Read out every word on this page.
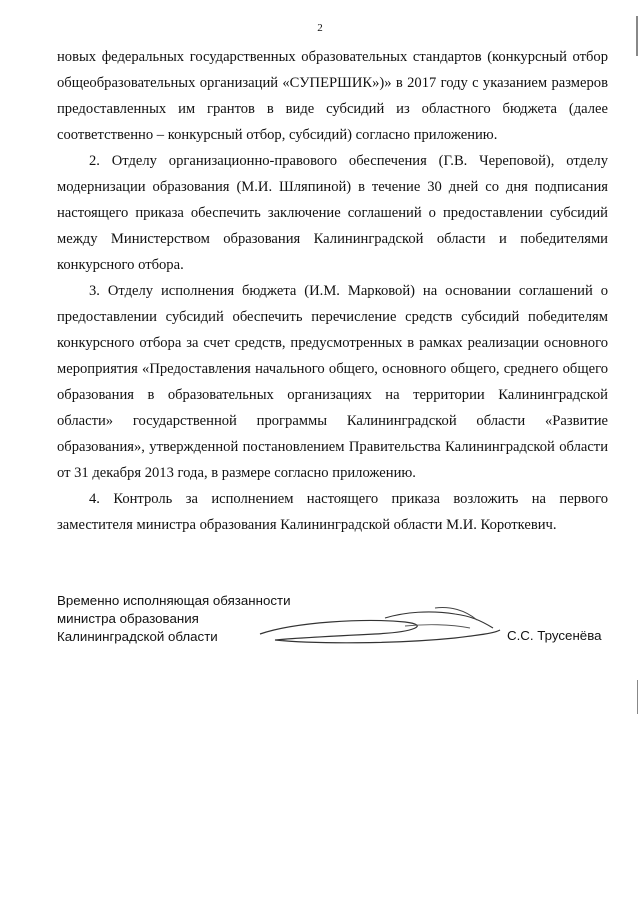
2

новых федеральных государственных образовательных стандартов (конкурсный отбор общеобразовательных организаций «СУПЕРШИК»)» в 2017 году с указанием размеров предоставленных им грантов в виде субсидий из областного бюджета (далее соответственно – конкурсный отбор, субсидий) согласно приложению.

2. Отделу организационно-правового обеспечения (Г.В. Череповой), отделу модернизации образования (М.И. Шляпиной) в течение 30 дней со дня подписания настоящего приказа обеспечить заключение соглашений о предоставлении субсидий между Министерством образования Калининградской области и победителями конкурсного отбора.

3. Отделу исполнения бюджета (И.М. Марковой) на основании соглашений о предоставлении субсидий обеспечить перечисление средств субсидий победителям конкурсного отбора за счет средств, предусмотренных в рамках реализации основного мероприятия «Предоставления начального общего, основного общего, среднего общего образования в образовательных организациях на территории Калининградской области» государственной программы Калининградской области «Развитие образования», утвержденной постановлением Правительства Калининградской области от 31 декабря 2013 года, в размере согласно приложению.

4. Контроль за исполнением настоящего приказа возложить на первого заместителя министра образования Калининградской области М.И. Короткевич.

Временно исполняющая обязанности
министра образования
Калининградской области	С.С. Трусенёва
